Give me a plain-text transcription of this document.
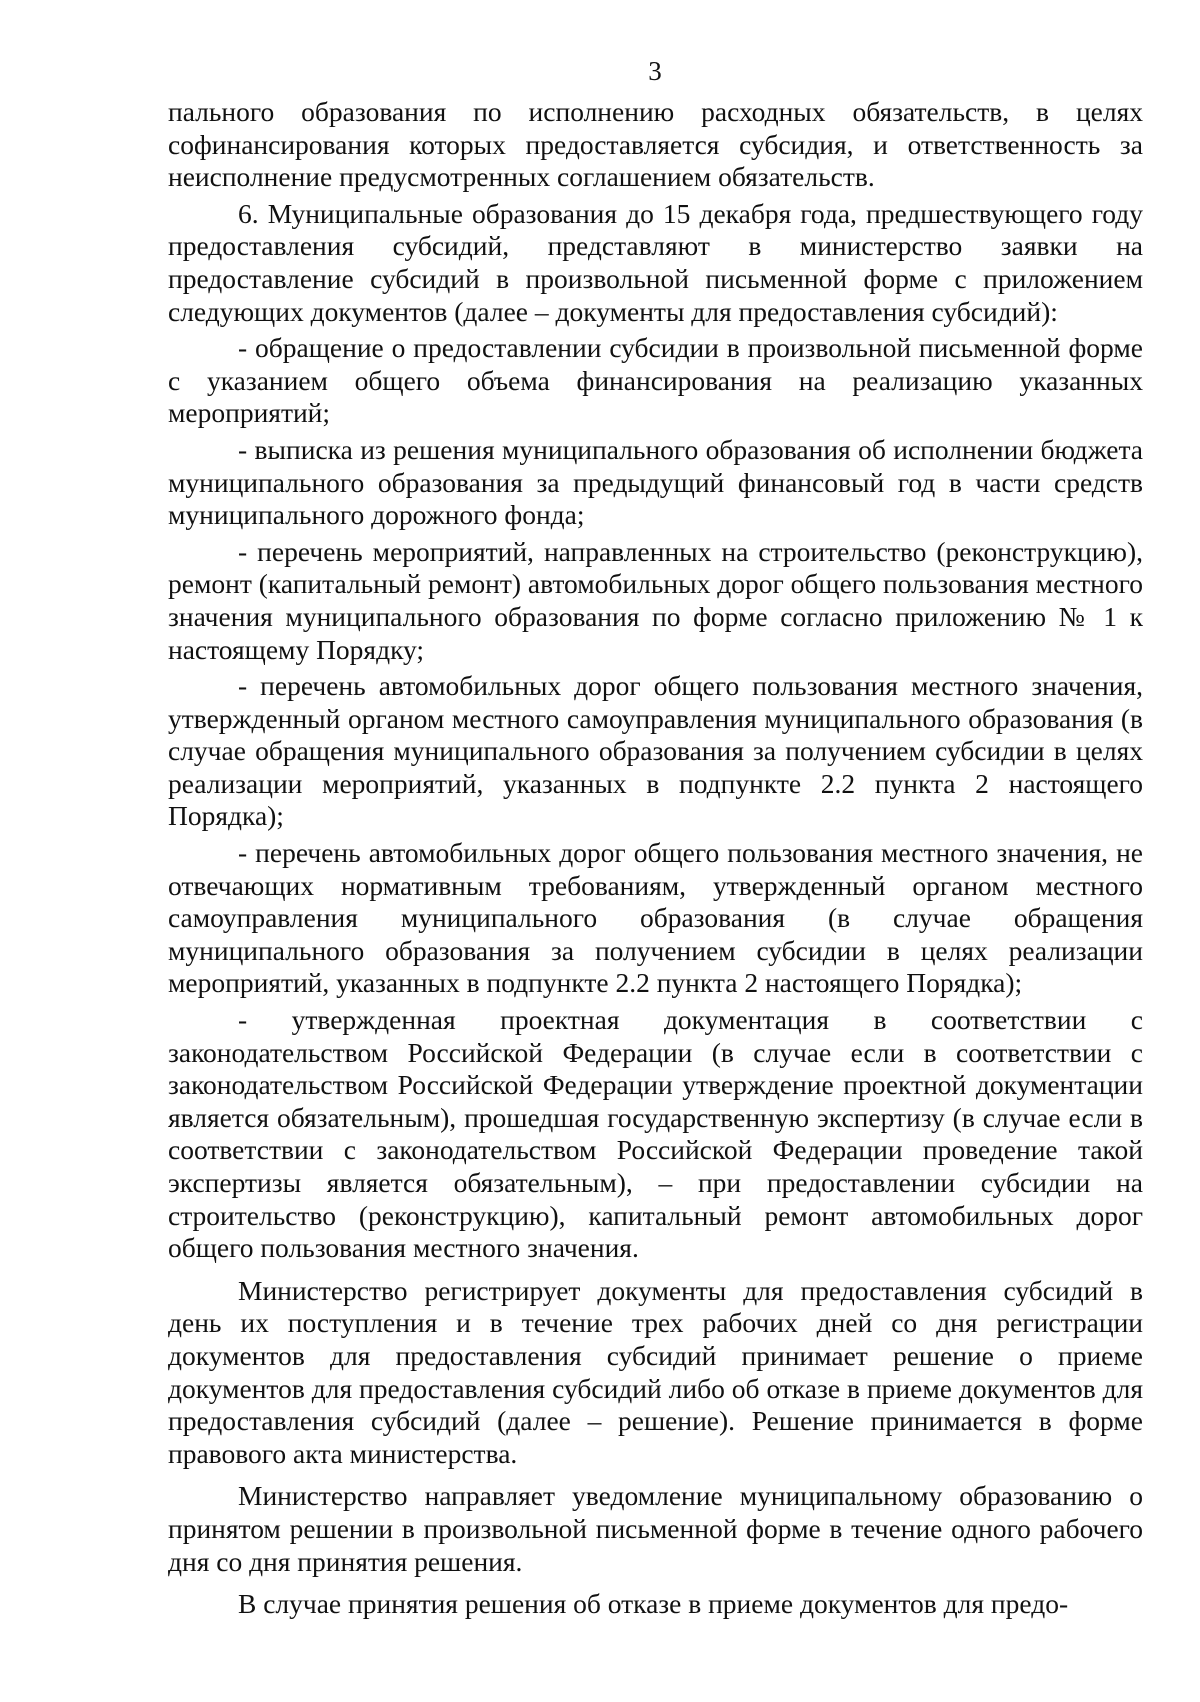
3

пального образования по исполнению расходных обязательств, в целях софинансирования которых предоставляется субсидия, и ответственность за неисполнение предусмотренных соглашением обязательств.

6. Муниципальные образования до 15 декабря года, предшествующего году предоставления субсидий, представляют в министерство заявки на предоставление субсидий в произвольной письменной форме с приложением следующих документов (далее – документы для предоставления субсидий):

- обращение о предоставлении субсидии в произвольной письменной форме с указанием общего объема финансирования на реализацию указанных мероприятий;

- выписка из решения муниципального образования об исполнении бюджета муниципального образования за предыдущий финансовый год в части средств муниципального дорожного фонда;

- перечень мероприятий, направленных на строительство (реконструкцию), ремонт (капитальный ремонт) автомобильных дорог общего пользования местного значения муниципального образования по форме согласно приложению № 1 к настоящему Порядку;

- перечень автомобильных дорог общего пользования местного значения, утвержденный органом местного самоуправления муниципального образования (в случае обращения муниципального образования за получением субсидии в целях реализации мероприятий, указанных в подпункте 2.2 пункта 2 настоящего Порядка);

- перечень автомобильных дорог общего пользования местного значения, не отвечающих нормативным требованиям, утвержденный органом местного самоуправления муниципального образования (в случае обращения муниципального образования за получением субсидии в целях реализации мероприятий, указанных в подпункте 2.2 пункта 2 настоящего Порядка);

- утвержденная проектная документация в соответствии с законодательством Российской Федерации (в случае если в соответствии с законодательством Российской Федерации утверждение проектной документации является обязательным), прошедшая государственную экспертизу (в случае если в соответствии с законодательством Российской Федерации проведение такой экспертизы является обязательным), – при предоставлении субсидии на строительство (реконструкцию), капитальный ремонт автомобильных дорог общего пользования местного значения.

Министерство регистрирует документы для предоставления субсидий в день их поступления и в течение трех рабочих дней со дня регистрации документов для предоставления субсидий принимает решение о приеме документов для предоставления субсидий либо об отказе в приеме документов для предоставления субсидий (далее – решение). Решение принимается в форме правового акта министерства.

Министерство направляет уведомление муниципальному образованию о принятом решении в произвольной письменной форме в течение одного рабочего дня со дня принятия решения.

В случае принятия решения об отказе в приеме документов для предо-
